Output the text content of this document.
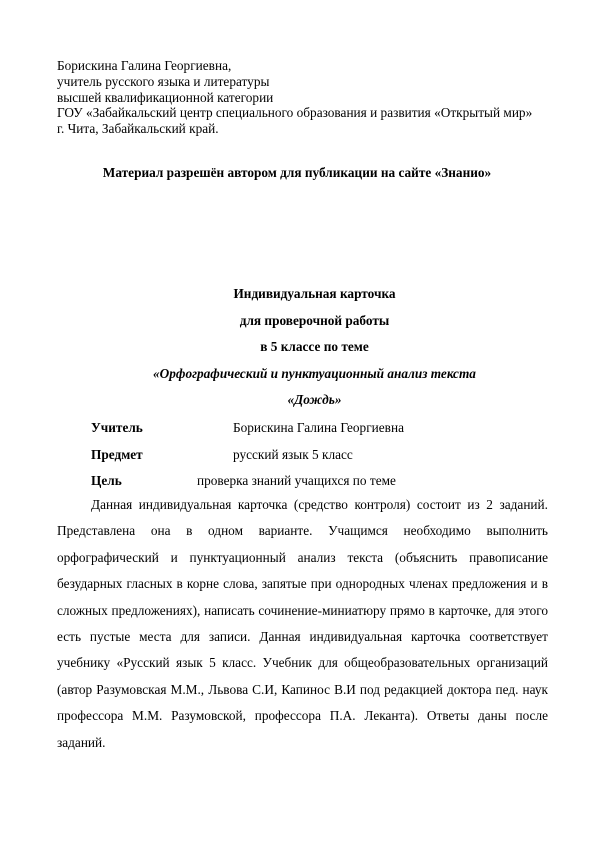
Борискина Галина Георгиевна,
учитель русского языка и литературы
высшей квалификационной категории
ГОУ «Забайкальский центр специального образования и развития «Открытый мир»
г. Чита, Забайкальский край.
Материал разрешён автором для публикации на сайте «Знанио»
Индивидуальная карточка
для проверочной работы
в 5 классе по теме
«Орфографический и пунктуационный анализ текста
«Дождь»
Учитель	Борискина Галина Георгиевна
Предмет	русский язык 5 класс
Цель	проверка знаний учащихся по теме

Данная индивидуальная карточка (средство контроля) состоит из 2 заданий. Представлена она в одном варианте. Учащимся необходимо выполнить орфографический и пунктуационный анализ текста (объяснить правописание безударных гласных в корне слова, запятые при однородных членах предложения и в сложных предложениях), написать сочинение-миниатюру прямо в карточке, для этого есть пустые места для записи. Данная индивидуальная карточка соответствует учебнику «Русский язык 5 класс. Учебник для общеобразовательных организаций (автор Разумовская М.М., Львова С.И, Капинос В.И под редакцией доктора пед. наук профессора М.М. Разумовской, профессора П.А. Леканта). Ответы даны после заданий.
